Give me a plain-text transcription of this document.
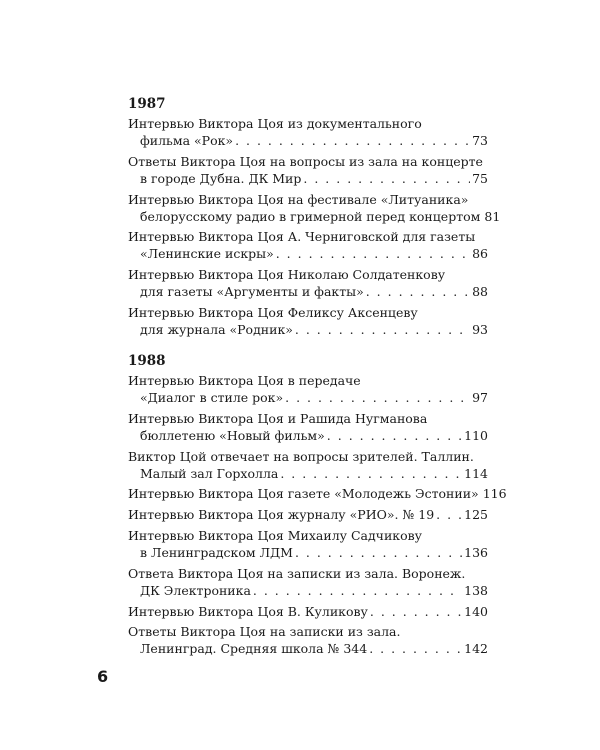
1987
Интервью Виктора Цоя из документального
фильма «Рок» . . .	73
Ответы Виктора Цоя на вопросы из зала на концерте
в городе Дубна. ДК Мир . . .	75
Интервью Виктора Цоя на фестивале «Литуаника»
белорусскому радио в гримерной перед концертом 81
Интервью Виктора Цоя А. Черниговской для газеты
«Ленинские искры» . . .	86
Интервью Виктора Цоя Николаю Солдатенкову
для газеты «Аргументы и факты» . . .	88
Интервью Виктора Цоя Феликсу Аксенцеву
для журнала «Родник» . . .	93
1988
Интервью Виктора Цоя в передаче
«Диалог в стиле рок» . . .	97
Интервью Виктора Цоя и Рашида Нугманова
бюллетеню «Новый фильм» . . .	110
Виктор Цой отвечает на вопросы зрителей. Таллин.
Малый зал Горхолла . . .	114
Интервью Виктора Цоя газете «Молодежь Эстонии» 116
Интервью Виктора Цоя журналу «РИО». № 19 . . . 125
Интервью Виктора Цоя Михаилу Садчикову
в Ленинградском ЛДМ . . .	136
Ответа Виктора Цоя на записки из зала. Воронеж.
ДК Электроника . . .	138
Интервью Виктора Цоя В. Куликову . . .	140
Ответы Виктора Цоя на записки из зала.
Ленинград. Средняя школа № 344 . . .	142
6
